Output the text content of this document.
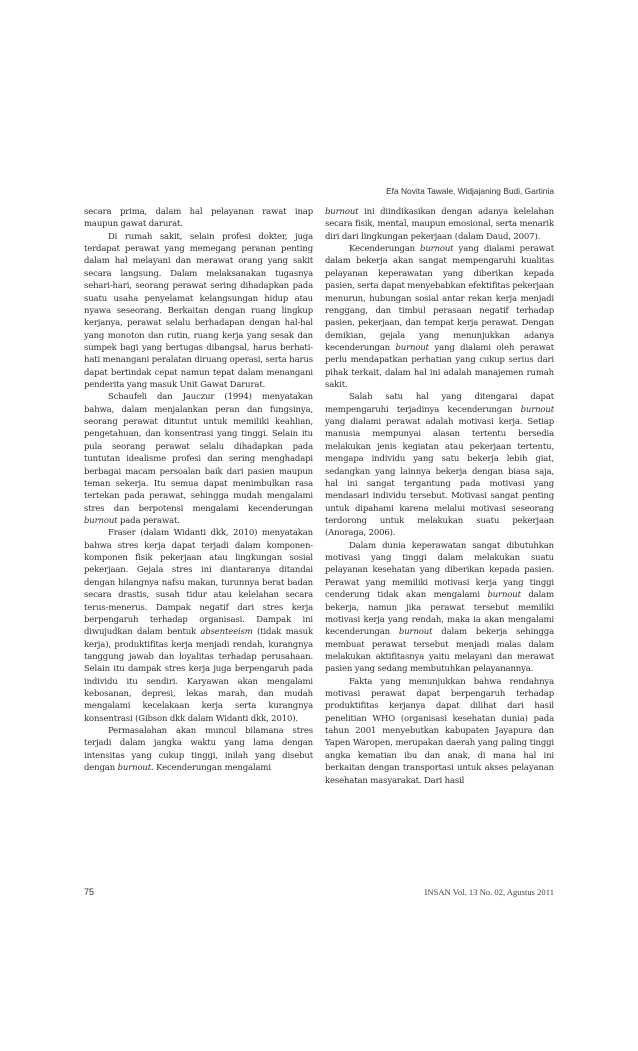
Efa Novita Tawale, Widjajaning Budi, Gartinia

secara prima, dalam hal pelayanan rawat inap maupun gawat darurat.

Di rumah sakit, selain profesi dokter, juga terdapat perawat yang memegang peranan penting dalam hal melayani dan merawat orang yang sakit secara langsung. Dalam melaksanakan tugasnya sehari-hari, seorang perawat sering dihadapkan pada suatu usaha penyelamat kelangsungan hidup atau nyawa seseorang. Berkaitan dengan ruang lingkup kerjanya, perawat selalu berhadapan dengan hal-hal yang monoton dan rutin, ruang kerja yang sesak dan sumpek bagi yang bertugas dibangsal, harus berhati-hati menangani peralatan diruang operasi, serta harus dapat bertindak cepat namun tepat dalam menangani penderita yang masuk Unit Gawat Darurat.

Schaufeli dan Jauczur (1994) menyatakan bahwa, dalam menjalankan peran dan fungsinya, seorang perawat dituntut untuk memiliki keahlian, pengetahuan, dan konsentrasi yang tinggi. Selain itu pula seorang perawat selalu dihadapkan pada tuntutan idealisme profesi dan sering menghadapi berbagai macam persoalan baik dari pasien maupun teman sekerja. Itu semua dapat menimbulkan rasa tertekan pada perawat, sehingga mudah mengalami stres dan berpotensi mengalami kecenderungan burnout pada perawat.

Fraser (dalam Widanti dkk, 2010) menyatakan bahwa stres kerja dapat terjadi dalam komponen-komponen fisik pekerjaan atau lingkungan sosial pekerjaan. Gejala stres ini diantaranya ditandai dengan hilangnya nafsu makan, turunnya berat badan secara drastis, susah tidur atau kelelahan secara terus-menerus. Dampak negatif dari stres kerja berpengaruh terhadap organisasi. Dampak ini diwujudkan dalam bentuk absenteeism (tidak masuk kerja), produktifitas kerja menjadi rendah, kurangnya tanggung jawab dan loyalitas terhadap perusahaan. Selain itu dampak stres kerja juga berpengaruh pada individu itu sendiri. Karyawan akan mengalami kebosanan, depresi, lekas marah, dan mudah mengalami kecelakaan kerja serta kurangnya konsentrasi (Gibson dkk dalam Widanti dkk, 2010).

Permasalahan akan muncul bilamana stres terjadi dalam jangka waktu yang lama dengan intensitas yang cukup tinggi, inilah yang disebut dengan burnout. Kecenderungan mengalami

burnout ini diindikasikan dengan adanya kelelahan secara fisik, mental, maupun emosional, serta menarik diri dari lingkungan pekerjaan (dalam Daud, 2007).

Kecenderungan burnout yang dialami perawat dalam bekerja akan sangat mempengaruhi kualitas pelayanan keperawatan yang diberikan kepada pasien, serta dapat menyebabkan efektifitas pekerjaan menurun, hubungan sosial antar rekan kerja menjadi renggang, dan timbul perasaan negatif terhadap pasien, pekerjaan, dan tempat kerja perawat. Dengan demikian, gejala yang menunjukkan adanya kecenderungan burnout yang dialami oleh perawat perlu mendapatkan perhatian yang cukup serius dari pihak terkait, dalam hal ini adalah manajemen rumah sakit.

Salah satu hal yang ditengarai dapat mempengaruhi terjadinya kecenderungan burnout yang dialami perawat adalah motivasi kerja. Setiap manusia mempunyai alasan tertentu bersedia melakukan jenis kegiatan atau pekerjaan tertentu, mengapa individu yang satu bekerja lebih giat, sedangkan yang lainnya bekerja dengan biasa saja, hal ini sangat tergantung pada motivasi yang mendasari individu tersebut. Motivasi sangat penting untuk dipahami karena melalui motivasi seseorang terdorong untuk melakukan suatu pekerjaan (Anoraga, 2006).

Dalam dunia keperawatan sangat dibutuhkan motivasi yang tinggi dalam melakukan suatu pelayanan kesehatan yang diberikan kepada pasien. Perawat yang memiliki motivasi kerja yang tinggi cenderung tidak akan mengalami burnout dalam bekerja, namun jika perawat tersebut memiliki motivasi kerja yang rendah, maka ia akan mengalami kecenderungan burnout dalam bekerja sehingga membuat perawat tersebut menjadi malas dalam melakukan aktifitasnya yaitu melayani dan merawat pasien yang sedang membutuhkan pelayanannya.

Fakta yang menunjukkan bahwa rendahnya motivasi perawat dapat berpengaruh terhadap produktifitas kerjanya dapat dilihat dari hasil penelitian WHO (organisasi kesehatan dunia) pada tahun 2001 menyebutkan kabupaten Jayapura dan Yapen Waropen, merupakan daerah yang paling tinggi angka kematian ibu dan anak, di mana hal ini berkaitan dengan transportasi untuk akses pelayanan kesehatan masyarakat. Dari hasil

75	INSAN Vol. 13 No. 02, Agustus 2011
